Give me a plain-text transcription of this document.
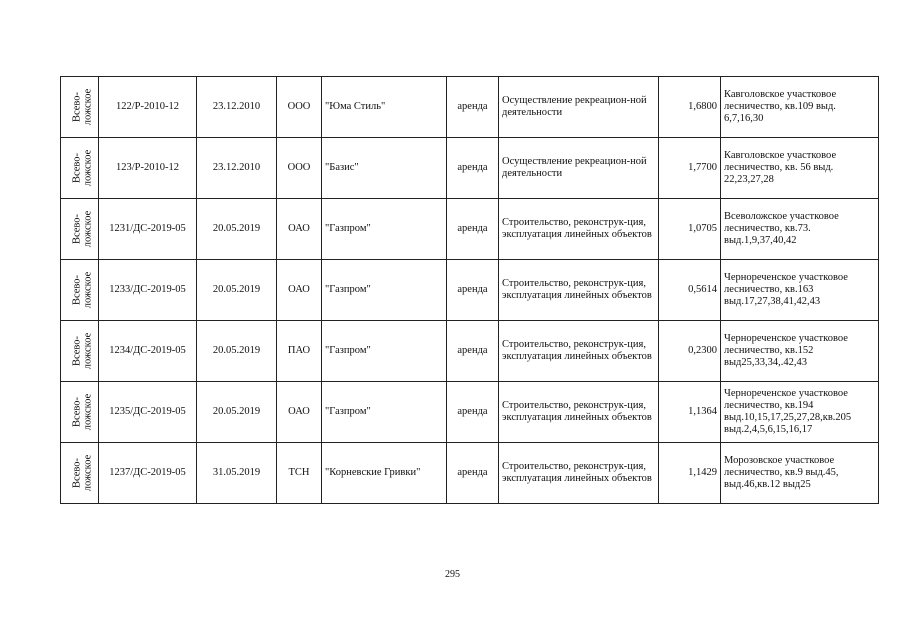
Всево- ложское	122/Р-2010-12	23.12.2010	ООО	"Юма Стиль"	аренда	Осуществление рекреацион-ной деятельности	1,6800	Кавголовское участковое лесничество, кв.109 выд. 6,7,16,30

Всево- ложское	123/Р-2010-12	23.12.2010	ООО	"Базис"	аренда	Осуществление рекреацион-ной деятельности	1,7700	Кавголовское участковое лесничество, кв. 56 выд. 22,23,27,28

Всево- ложское	1231/ДС-2019-05	20.05.2019	ОАО	"Газпром"	аренда	Строительство, реконструк-ция, эксплуатация линейных объектов	1,0705	Всеволожское участковое лесничество, кв.73. выд.1,9,37,40,42

Всево- ложское	1233/ДС-2019-05	20.05.2019	ОАО	"Газпром"	аренда	Строительство, реконструк-ция, эксплуатация линейных объектов	0,5614	Чернореченское участковое лесничество, кв.163 выд.17,27,38,41,42,43

Всево- ложское	1234/ДС-2019-05	20.05.2019	ПАО	"Газпром"	аренда	Строительство, реконструк-ция, эксплуатация линейных объектов	0,2300	Чернореченское участковое лесничество, кв.152 выд25,33,34,.42,43

Всево- ложское	1235/ДС-2019-05	20.05.2019	ОАО	"Газпром"	аренда	Строительство, реконструк-ция, эксплуатация линейных объектов	1,1364	Чернореченское участковое лесничество, кв.194 выд.10,15,17,25,27,28,кв.205 выд.2,4,5,6,15,16,17

Всево- ложское	1237/ДС-2019-05	31.05.2019	ТСН	"Корневские Гривки"	аренда	Строительство, реконструк-ция, эксплуатация линейных объектов	1,1429	Морозовское участковое лесничество, кв.9 выд.45, выд.46,кв.12 выд25
295
